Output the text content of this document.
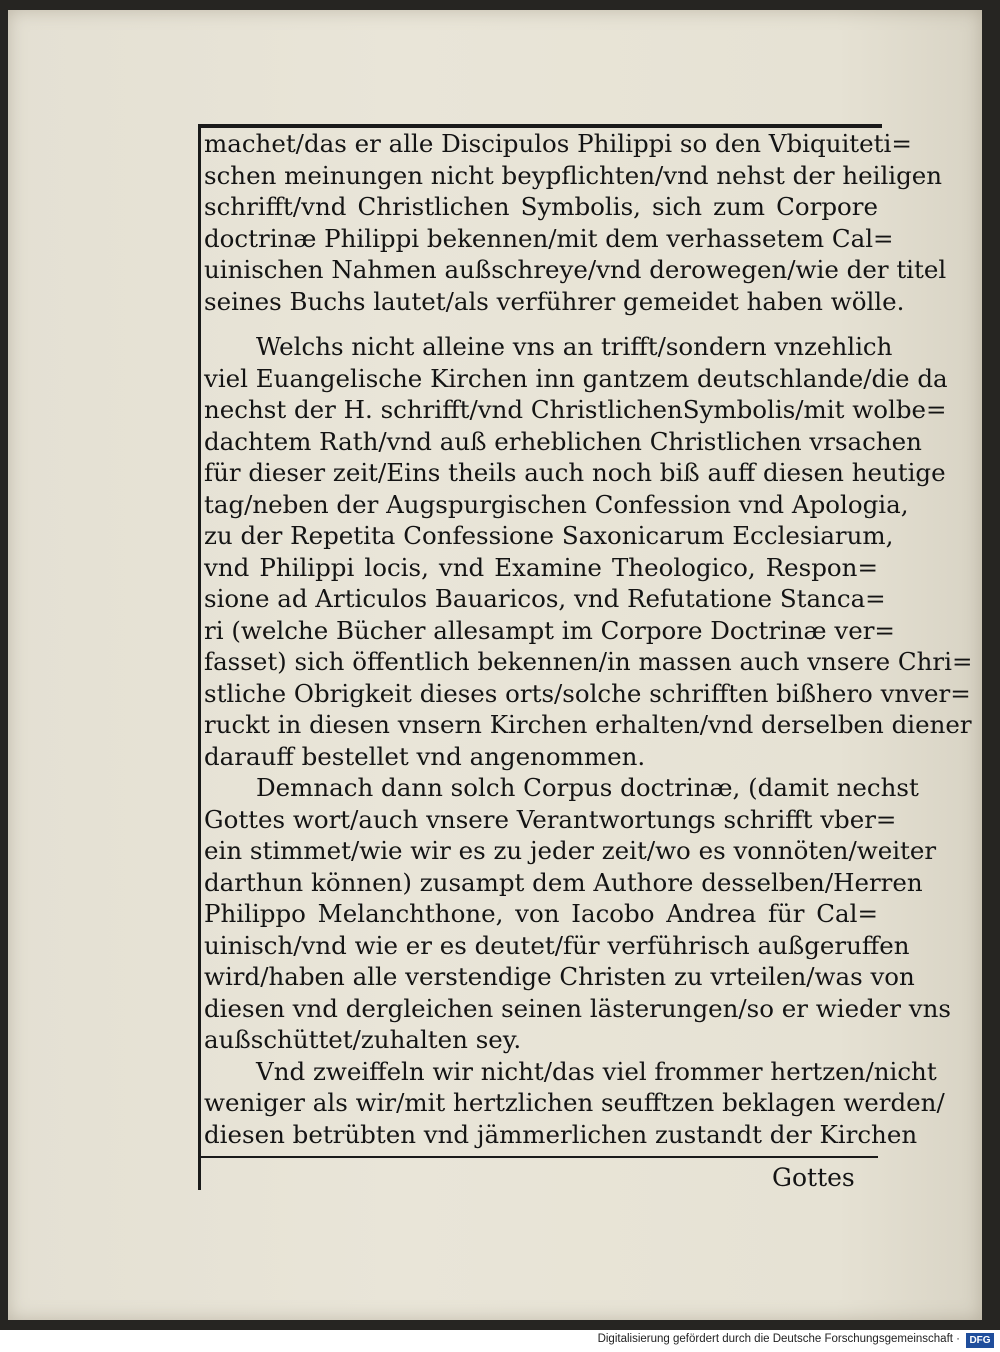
machet/das er alle Discipulos Philippi so den Vbiquiteti=
schen meinungen nicht beypflichten/vnd nehst der heiligen
schrifft/vnd Christlichen Symbolis, sich zum Corpore
doctrinæ Philippi bekennen/mit dem verhassetem Cal=
uinischen Nahmen außschreye/vnd derowegen/wie der titel
seines Buchs lautet/als verführer gemeidet haben wölle.
Welchs nicht alleine vns an trifft/sondern vnzehlich
viel Euangelische Kirchen inn gantzem deutschlande/die da
nechst der H. schrifft/vnd ChristlichenSymbolis/mit wolbe=
dachtem Rath/vnd auß erheblichen Christlichen vrsachen
für dieser zeit/Eins theils auch noch biß auff diesen heutige
tag/neben der Augspurgischen Confession vnd Apologia,
zu der Repetita Confessione Saxonicarum Ecclesiarum,
vnd Philippi locis, vnd Examine Theologico, Respon=
sione ad Articulos Bauaricos, vnd Refutatione Stanca=
ri (welche Bücher allesampt im Corpore Doctrinæ ver=
fasset) sich öffentlich bekennen/in massen auch vnsere Chri=
stliche Obrigkeit dieses orts/solche schrifften bißhero vnver=
ruckt in diesen vnsern Kirchen erhalten/vnd derselben diener
darauff bestellet vnd angenommen.
Demnach dann solch Corpus doctrinæ, (damit nechst
Gottes wort/auch vnsere Verantwortungs schrifft vber=
ein stimmet/wie wir es zu jeder zeit/wo es vonnöten/weiter
darthun können) zusampt dem Authore desselben/Herren
Philippo Melanchthone, von Iacobo Andrea für Cal=
uinisch/vnd wie er es deutet/für verführisch außgeruffen
wird/haben alle verstendige Christen zu vrteilen/was von
diesen vnd dergleichen seinen lästerungen/so er wieder vns
außschüttet/zuhalten sey.
Vnd zweiffeln wir nicht/das viel frommer hertzen/nicht
weniger als wir/mit hertzlichen seufftzen beklagen werden/
diesen betrübten vnd jämmerlichen zustandt der Kirchen
Gottes
Digitalisierung gefördert durch die Deutsche Forschungsgemeinschaft · DFG
